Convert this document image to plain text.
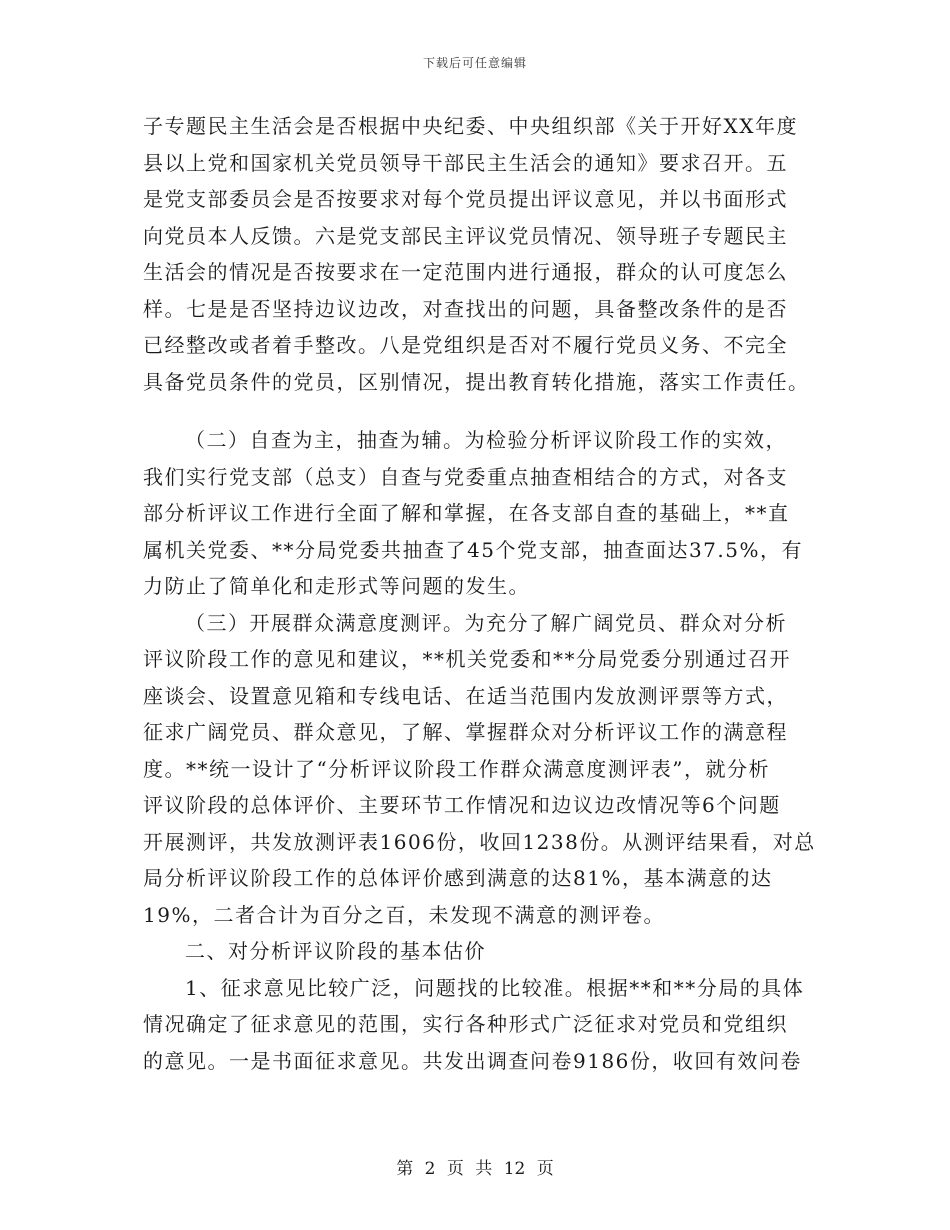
下载后可任意编辑
子专题民主生活会是否根据中央纪委、中央组织部《关于开好XX年度
县以上党和国家机关党员领导干部民主生活会的通知》要求召开。五
是党支部委员会是否按要求对每个党员提出评议意见，并以书面形式
向党员本人反馈。六是党支部民主评议党员情况、领导班子专题民主
生活会的情况是否按要求在一定范围内进行通报，群众的认可度怎么
样。七是是否坚持边议边改，对查找出的问题，具备整改条件的是否
已经整改或者着手整改。八是党组织是否对不履行党员义务、不完全
具备党员条件的党员，区别情况，提出教育转化措施，落实工作责任。
（二）自查为主，抽查为辅。为检验分析评议阶段工作的实效，
我们实行党支部（总支）自查与党委重点抽查相结合的方式，对各支
部分析评议工作进行全面了解和掌握，在各支部自查的基础上，**直
属机关党委、**分局党委共抽查了45个党支部，抽查面达37.5%，有
力防止了简单化和走形式等问题的发生。
（三）开展群众满意度测评。为充分了解广阔党员、群众对分析
评议阶段工作的意见和建议，**机关党委和**分局党委分别通过召开
座谈会、设置意见箱和专线电话、在适当范围内发放测评票等方式，
征求广阔党员、群众意见，了解、掌握群众对分析评议工作的满意程
度。**统一设计了“分析评议阶段工作群众满意度测评表”，就分析
评议阶段的总体评价、主要环节工作情况和边议边改情况等6个问题
开展测评，共发放测评表1606份，收回1238份。从测评结果看，对总
局分析评议阶段工作的总体评价感到满意的达81%，基本满意的达
19%，二者合计为百分之百，未发现不满意的测评卷。
二、对分析评议阶段的基本估价
1、征求意见比较广泛，问题找的比较准。根据**和**分局的具体
情况确定了征求意见的范围，实行各种形式广泛征求对党员和党组织
的意见。一是书面征求意见。共发出调查问卷9186份，收回有效问卷
第 2 页 共 12 页
